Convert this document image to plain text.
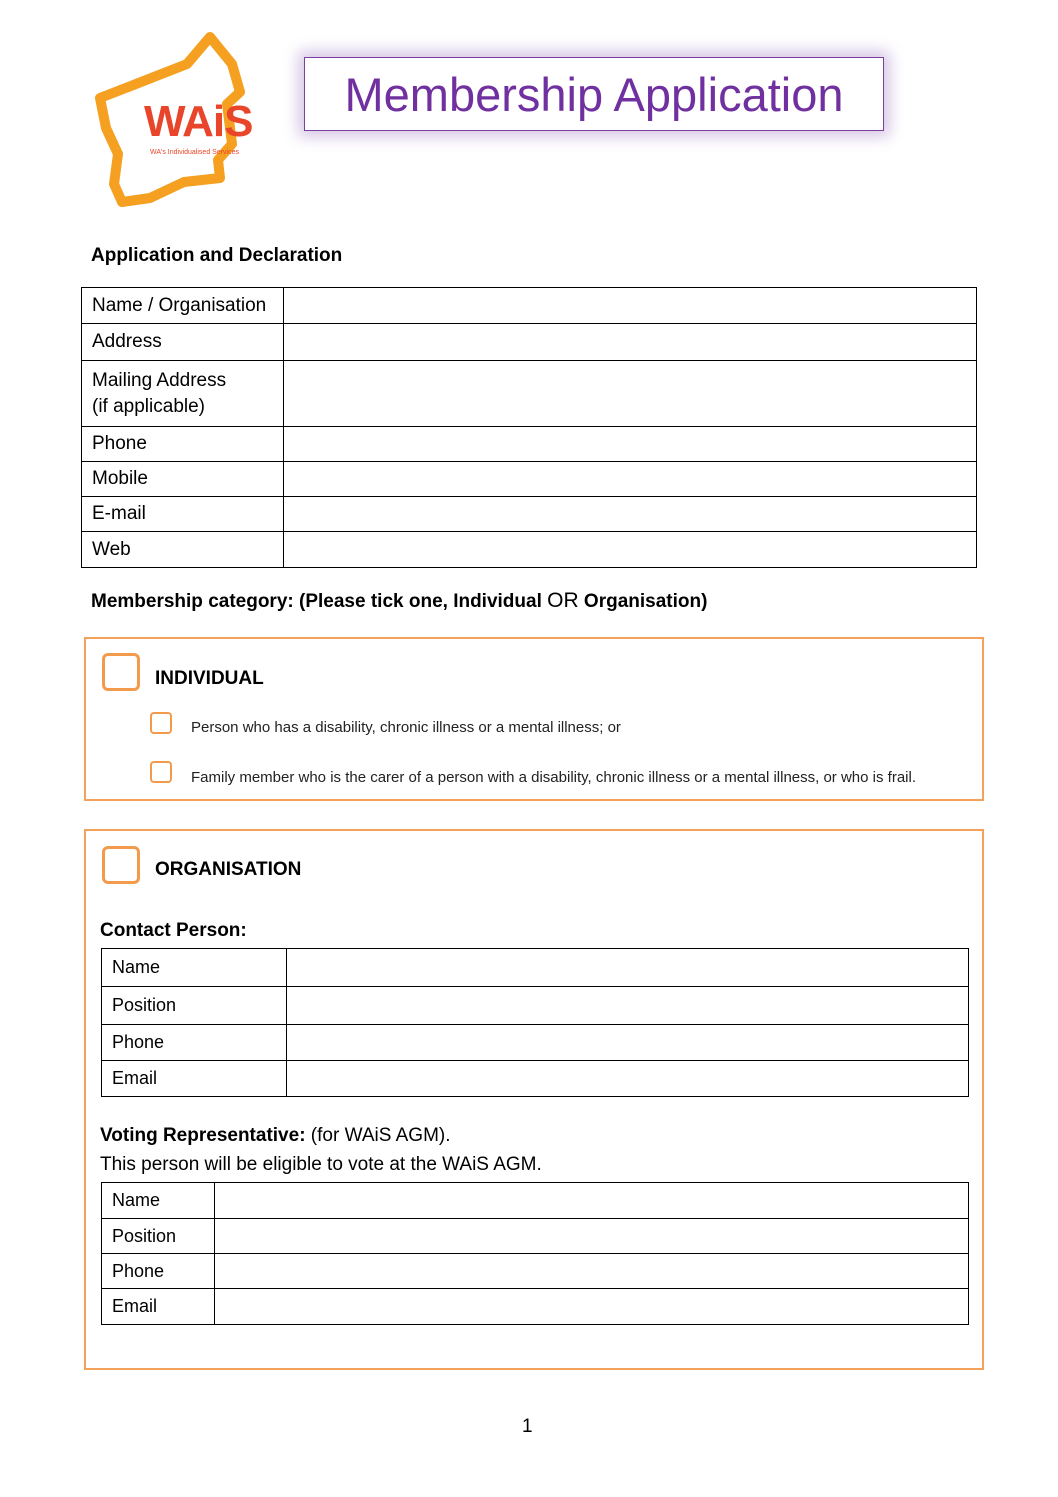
WAiS
WA's Individualised Services
Membership Application
Application and Declaration
Name / Organisation	
Address	

Mailing Address
(if applicable)	

Phone	
Mobile	
E-mail	
Web	
Membership category: (Please tick one, Individual OR Organisation)
INDIVIDUAL
Person who has a disability, chronic illness or a mental illness; or
Family member who is the carer of a person with a disability, chronic illness or a mental illness, or who is frail.
ORGANISATION
Contact Person:
Name	
Position	
Phone	
Email	
Voting Representative: (for WAiS AGM).
This person will be eligible to vote at the WAiS AGM.
Name	
Position	
Phone	
Email	
1
